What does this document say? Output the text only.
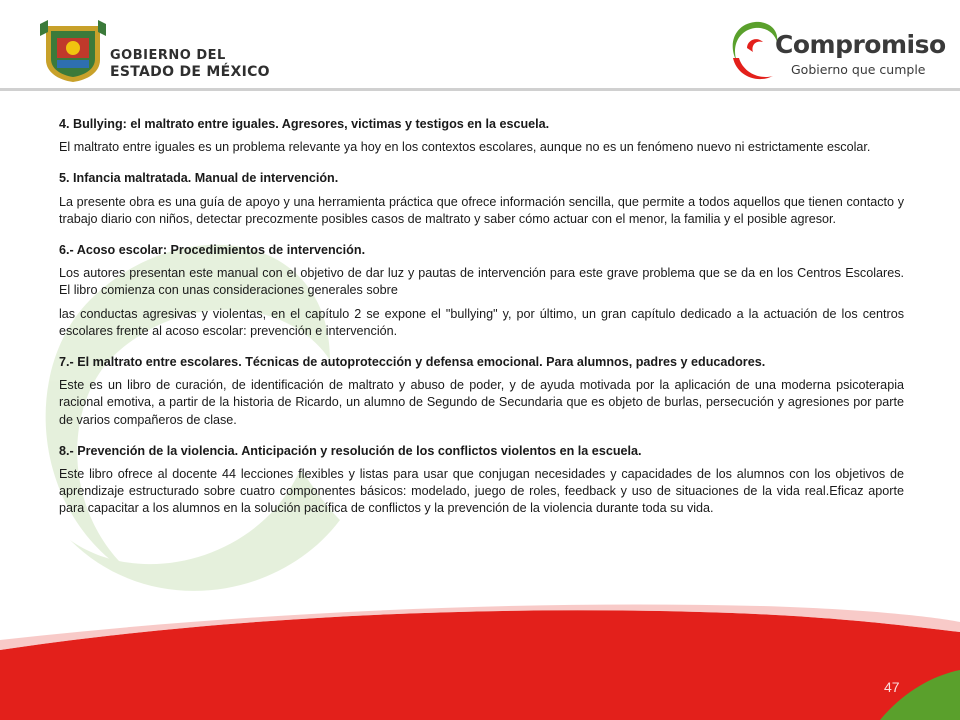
GOBIERNO DEL
ESTADO DE MÉXICO
Compromiso
Gobierno que cumple
4. Bullying: el maltrato entre iguales. Agresores, victimas y testigos en la escuela.

El maltrato entre iguales es un problema relevante ya hoy en los contextos escolares, aunque no es un fenómeno nuevo ni estrictamente escolar.

5. Infancia maltratada. Manual de intervención.

La presente obra es una guía de apoyo y una herramienta práctica que ofrece información sencilla, que permite a todos aquellos que tienen contacto y trabajo diario con niños, detectar precozmente posibles casos de maltrato y saber cómo actuar con el menor, la familia y el posible agresor.

6.- Acoso escolar: Procedimientos de intervención.

Los autores presentan este manual con el objetivo de dar luz y pautas de intervención para este grave problema que se da en los Centros Escolares. El libro comienza con unas consideraciones generales sobre

las conductas agresivas y violentas, en el capítulo 2 se expone el "bullying" y, por último, un gran capítulo dedicado a la actuación de los centros escolares frente al acoso escolar: prevención e intervención.

7.- El maltrato entre escolares. Técnicas de autoprotección y defensa emocional. Para alumnos, padres y educadores.

Este es un libro de curación, de identificación de maltrato y abuso de poder, y de ayuda motivada por la aplicación de una moderna psicoterapia racional emotiva, a partir de la historia de Ricardo, un alumno de Segundo de Secundaria que es objeto de burlas, persecución y agresiones por parte de varios compañeros de clase.

8.- Prevención de la violencia. Anticipación y resolución de los conflictos violentos en la escuela.

Este libro ofrece al docente 44 lecciones flexibles y listas para usar que conjugan necesidades y capacidades de los alumnos con los objetivos de aprendizaje estructurado sobre cuatro componentes básicos: modelado, juego de roles, feedback y uso de situaciones de la vida real.Eficaz aporte para capacitar a los alumnos en la solución pacífica de conflictos y la prevención de la violencia durante toda su vida.

47
